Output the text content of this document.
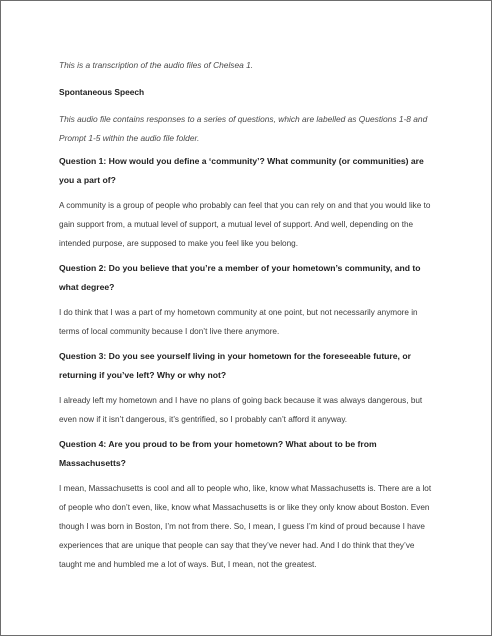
This is a transcription of the audio files of Chelsea 1.

Spontaneous Speech

This audio file contains responses to a series of questions, which are labelled as Questions 1-8 and Prompt 1-5 within the audio file folder.

Question 1: How would you define a ‘community’? What community (or communities) are you a part of?

A community is a group of people who probably can feel that you can rely on and that you would like to gain support from, a mutual level of support, a mutual level of support. And well, depending on the intended purpose, are supposed to make you feel like you belong.

Question 2: Do you believe that you’re a member of your hometown’s community, and to what degree?

I do think that I was a part of my hometown community at one point, but not necessarily anymore in terms of local community because I don’t live there anymore.

Question 3: Do you see yourself living in your hometown for the foreseeable future, or returning if you’ve left? Why or why not?

I already left my hometown and I have no plans of going back because it was always dangerous, but even now if it isn’t dangerous, it’s gentrified, so I probably can’t afford it anyway.

Question 4: Are you proud to be from your hometown? What about to be from Massachusetts?

I mean, Massachusetts is cool and all to people who, like, know what Massachusetts is. There are a lot of people who don’t even, like, know what Massachusetts is or like they only know about Boston. Even though I was born in Boston, I’m not from there. So, I mean, I guess I’m kind of proud because I have experiences that are unique that people can say that they’ve never had. And I do think that they’ve taught me and humbled me a lot of ways. But, I mean, not the greatest.
